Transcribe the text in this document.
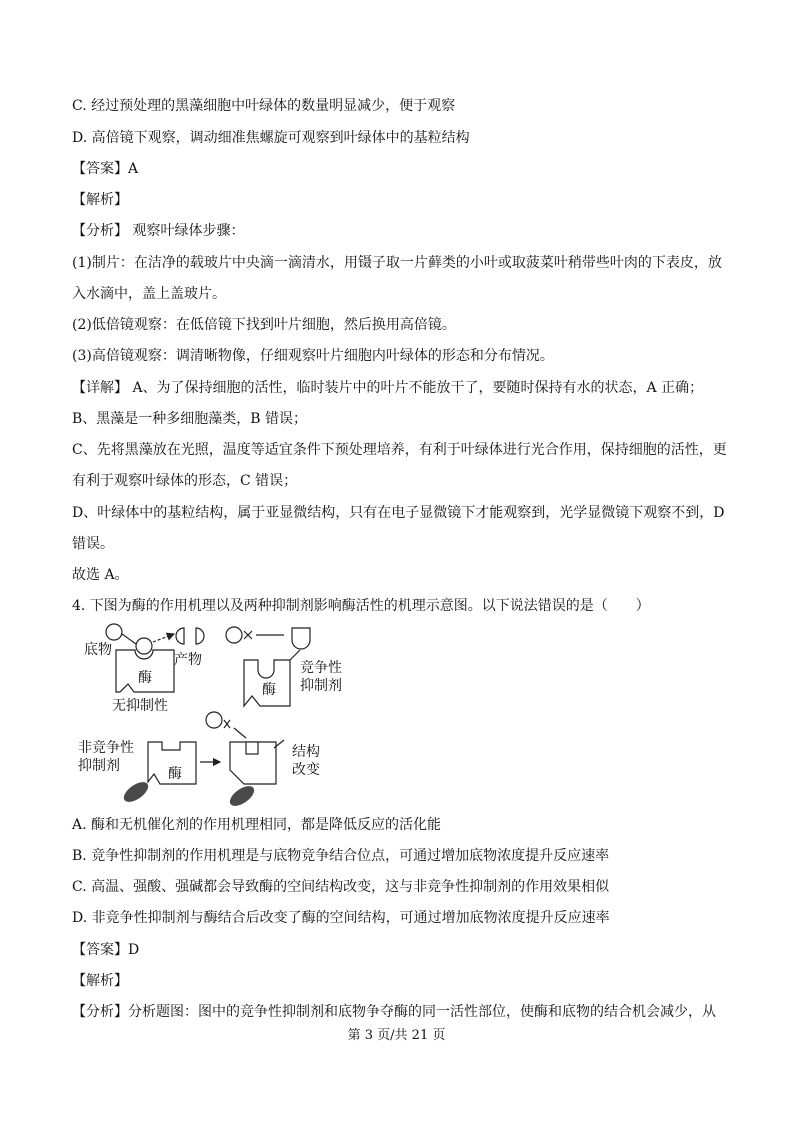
C. 经过预处理的黑藻细胞中叶绿体的数量明显减少，便于观察
D. 高倍镜下观察，调动细准焦螺旋可观察到叶绿体中的基粒结构
【答案】A
【解析】
【分析】 观察叶绿体步骤：
(1)制片：在洁净的载玻片中央滴一滴清水，用镊子取一片藓类的小叶或取菠菜叶稍带些叶肉的下表皮，放
入水滴中，盖上盖玻片。
(2)低倍镜观察：在低倍镜下找到叶片细胞，然后换用高倍镜。
(3)高倍镜观察：调清晰物像，仔细观察叶片细胞内叶绿体的形态和分布情况。
【详解】 A、为了保持细胞的活性，临时装片中的叶片不能放干了，要随时保持有水的状态，A 正确；
B、黑藻是一种多细胞藻类，B 错误；
C、先将黑藻放在光照，温度等适宜条件下预处理培养，有利于叶绿体进行光合作用，保持细胞的活性，更
有利于观察叶绿体的形态，C 错误；
D、叶绿体中的基粒结构，属于亚显微结构，只有在电子显微镜下才能观察到，光学显微镜下观察不到，D
错误。
故选 A。
4. 下图为酶的作用机理以及两种抑制剂影响酶活性的机理示意图。以下说法错误的是（　　）
底物
产物
酶
无抑制性
竞争性
抑制剂
酶
非竞争性
抑制剂	酶
结构
改变
A. 酶和无机催化剂的作用机理相同，都是降低反应的活化能
B. 竞争性抑制剂的作用机理是与底物竞争结合位点，可通过增加底物浓度提升反应速率
C. 高温、强酸、强碱都会导致酶的空间结构改变，这与非竞争性抑制剂的作用效果相似
D. 非竞争性抑制剂与酶结合后改变了酶的空间结构，可通过增加底物浓度提升反应速率
【答案】D
【解析】
【分析】分析题图：图中的竞争性抑制剂和底物争夺酶的同一活性部位，使酶和底物的结合机会减少，从
第 3 页/共 21 页
